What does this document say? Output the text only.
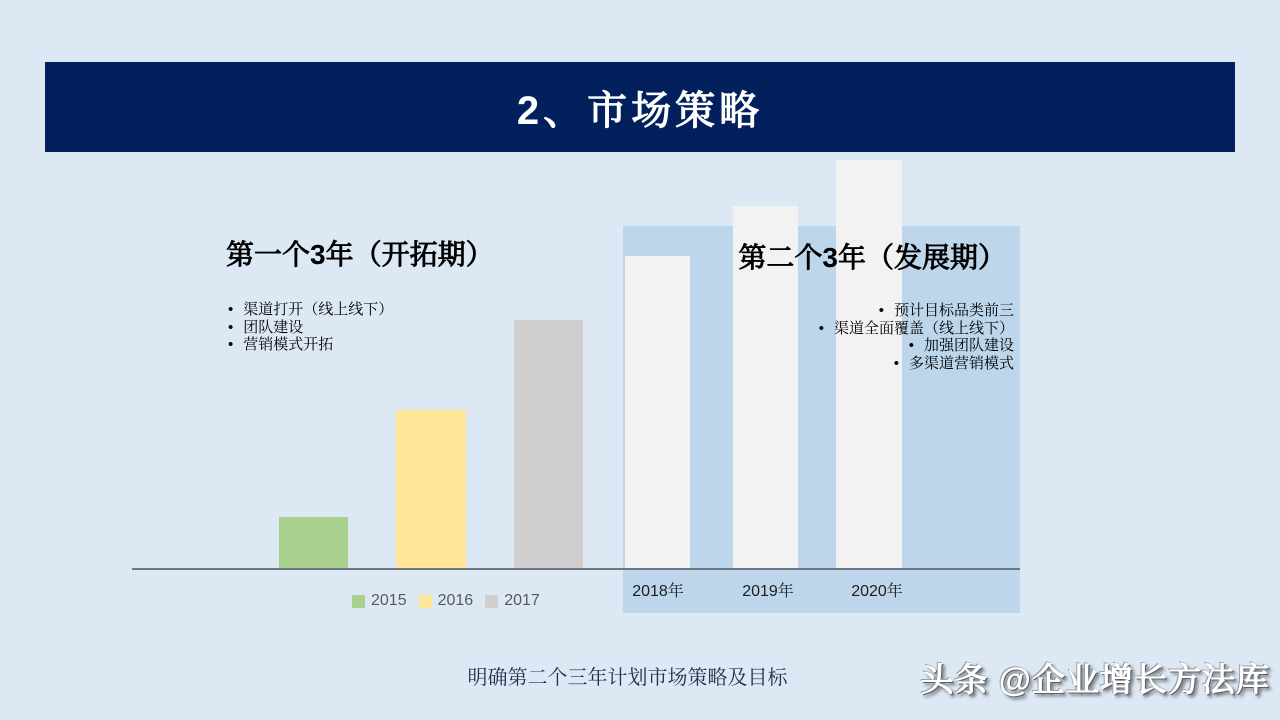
2、市场策略
2018年	2019年	2020年
2015 2016 2017
第一个3年（开拓期）
• 渠道打开（线上线下）
• 团队建设
• 营销模式开拓
第二个3年（发展期）
• 预计目标品类前三
• 渠道全面覆盖（线上线下）
• 加强团队建设
• 多渠道营销模式
明确第二个三年计划市场策略及目标	头条 @企业增长方法库
